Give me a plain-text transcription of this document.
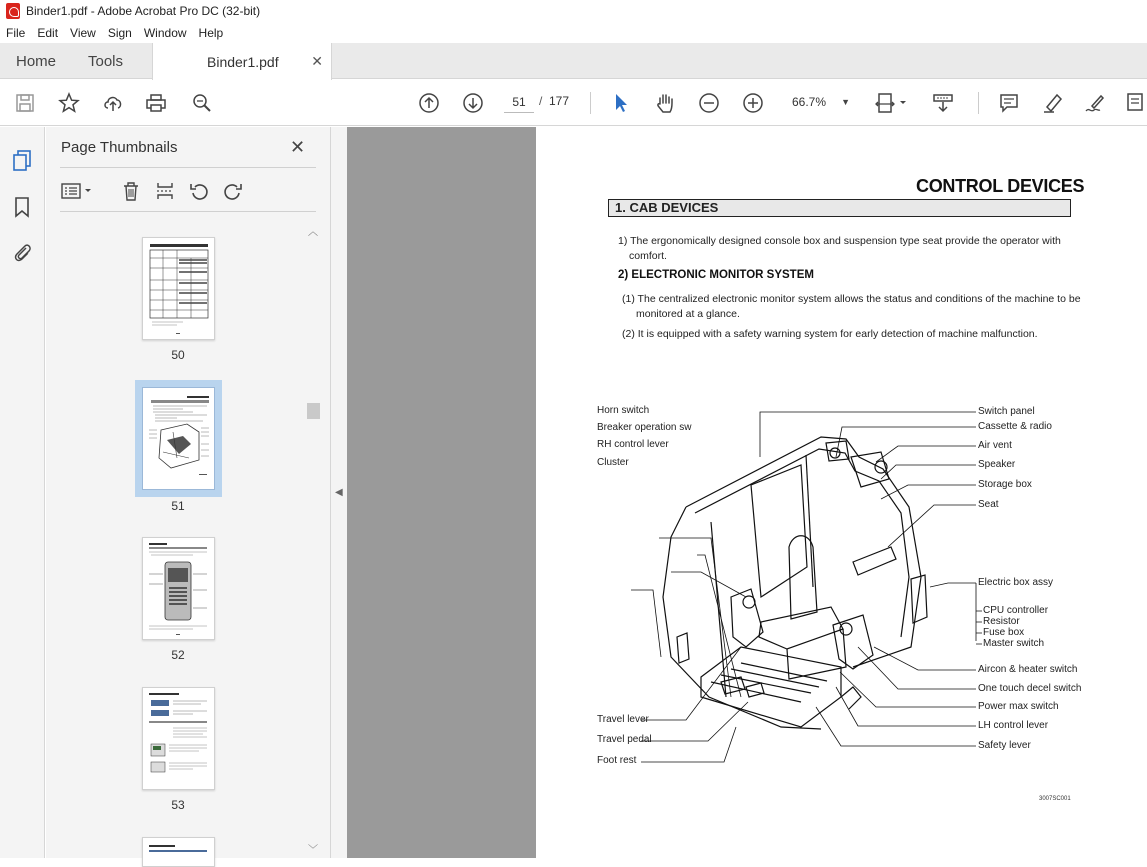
Binder1.pdf - Adobe Acrobat Pro DC (32-bit)
File	Edit	View	Sign	Window	Help
Home Tools	Binder1.pdf ✕
51	/ 177	66.7% ▼
Page Thumbnails	✕
50
51
52
53
︿
﹀
◀
CONTROL DEVICES
1. CAB DEVICES
1) The ergonomically designed console box and suspension type seat provide the operator with
comfort.
2) ELECTRONIC MONITOR SYSTEM
(1) The centralized electronic monitor system allows the status and conditions of the machine to be
monitored at a glance.
(2) It is equipped with a safety warning system for early detection of machine malfunction.
Horn switch
Breaker operation sw
RH control lever
Cluster
Travel lever
Travel pedal
Foot rest
Switch panel
Cassette & radio
Air vent
Speaker
Storage box
Seat
Electric box assy
CPU controller
Resistor
Fuse box
Master switch
Aircon & heater switch
One touch decel switch
Power max switch
LH control lever
Safety lever
3007SC001
